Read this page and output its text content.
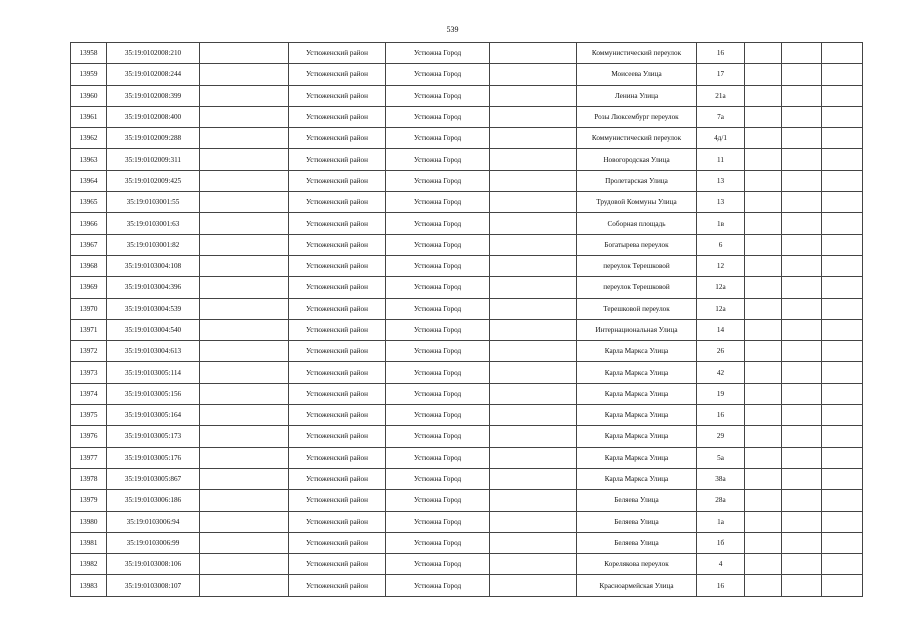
539
13958	35:19:0102008:210		Устюженский район	Устюжна Город		Коммунистический переулок	16			
13959	35:19:0102008:244		Устюженский район	Устюжна Город		Моисеева Улица	17			
13960	35:19:0102008:399		Устюженский район	Устюжна Город		Ленина Улица	21а			
13961	35:19:0102008:400		Устюженский район	Устюжна Город		Розы Люксембург переулок	7а			
13962	35:19:0102009:288		Устюженский район	Устюжна Город		Коммунистический переулок	4д/1			
13963	35:19:0102009:311		Устюженский район	Устюжна Город		Новогородская Улица	11			
13964	35:19:0102009:425		Устюженский район	Устюжна Город		Пролетарская Улица	13			
13965	35:19:0103001:55		Устюженский район	Устюжна Город		Трудовой Коммуны Улица	13			
13966	35:19:0103001:63		Устюженский район	Устюжна Город		Соборная площадь	1в			
13967	35:19:0103001:82		Устюженский район	Устюжна Город		Богатырева переулок	6			
13968	35:19:0103004:108		Устюженский район	Устюжна Город		переулок Терешковой	12			
13969	35:19:0103004:396		Устюженский район	Устюжна Город		переулок Терешковой	12а			
13970	35:19:0103004:539		Устюженский район	Устюжна Город		Терешковой переулок	12а			
13971	35:19:0103004:540		Устюженский район	Устюжна Город		Интернациональная Улица	14			
13972	35:19:0103004:613		Устюженский район	Устюжна Город		Карла Маркса Улица	26			
13973	35:19:0103005:114		Устюженский район	Устюжна Город		Карла Маркса Улица	42			
13974	35:19:0103005:156		Устюженский район	Устюжна Город		Карла Маркса Улица	19			
13975	35:19:0103005:164		Устюженский район	Устюжна Город		Карла Маркса Улица	16			
13976	35:19:0103005:173		Устюженский район	Устюжна Город		Карла Маркса Улица	29			
13977	35:19:0103005:176		Устюженский район	Устюжна Город		Карла Маркса Улица	5а			
13978	35:19:0103005:867		Устюженский район	Устюжна Город		Карла Маркса Улица	38а			
13979	35:19:0103006:186		Устюженский район	Устюжна Город		Беляева Улица	28а			
13980	35:19:0103006:94		Устюженский район	Устюжна Город		Беляева Улица	1а			
13981	35:19:0103006:99		Устюженский район	Устюжна Город		Беляева Улица	1б			
13982	35:19:0103008:106		Устюженский район	Устюжна Город		Кореляковa переулок	4			
13983	35:19:0103008:107		Устюженский район	Устюжна Город		Красноармейская Улица	16			
